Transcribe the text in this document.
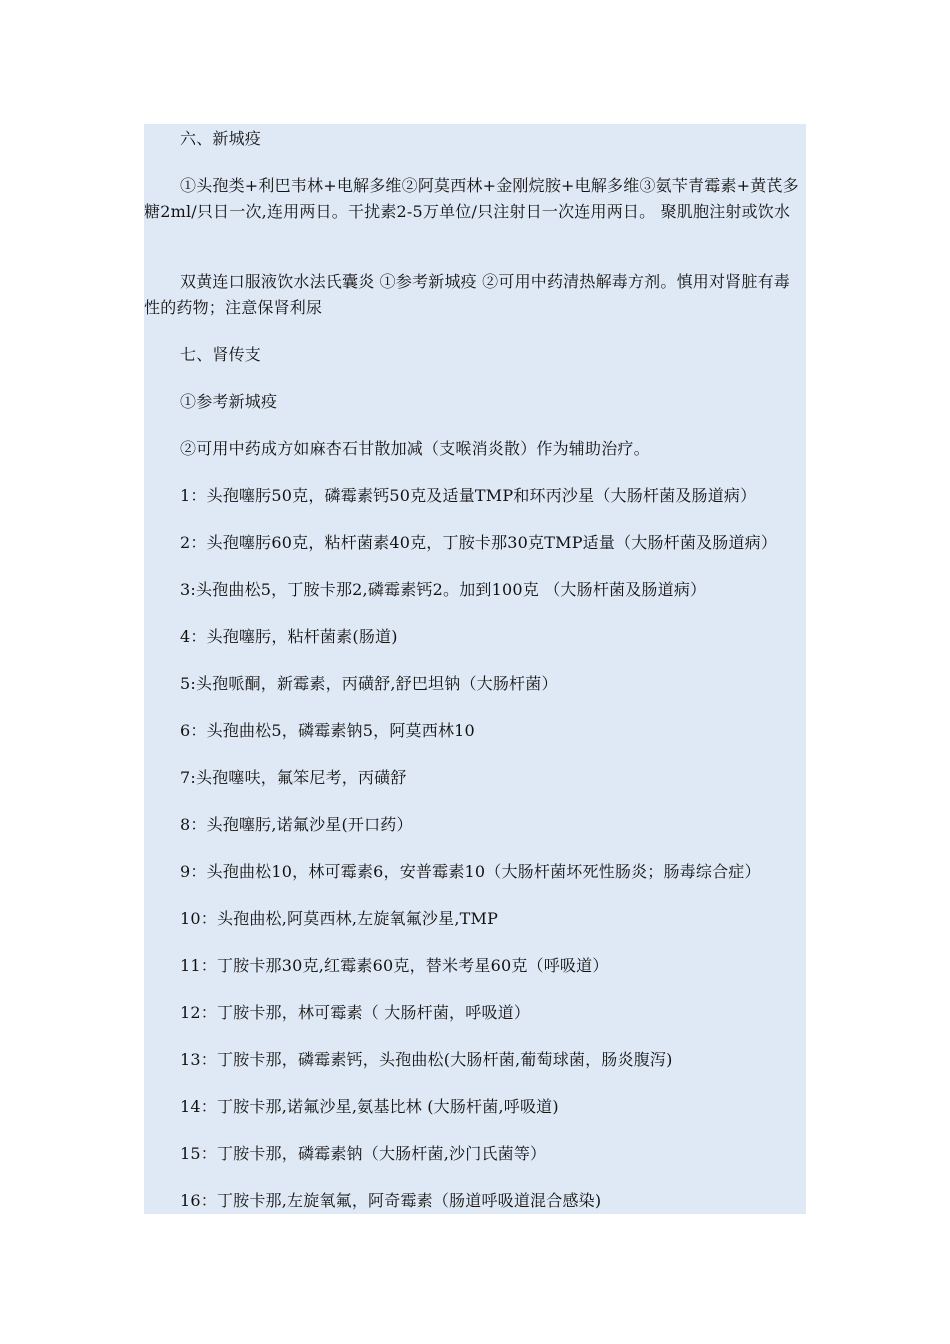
六、新城疫

①头孢类+利巴韦林+电解多维②阿莫西林+金刚烷胺+电解多维③氨苄青霉素+黄芪多糖2ml/只日一次,连用两日。干扰素2-5万单位/只注射日一次连用两日。 聚肌胞注射或饮水

双黄连口服液饮水法氏囊炎 ①参考新城疫 ②可用中药清热解毒方剂。慎用对肾脏有毒性的药物；注意保肾利尿

七、肾传支

①参考新城疫

②可用中药成方如麻杏石甘散加减（支喉消炎散）作为辅助治疗。

1：头孢噻肟50克，磷霉素钙50克及适量TMP和环丙沙星（大肠杆菌及肠道病）

2：头孢噻肟60克，粘杆菌素40克，丁胺卡那30克TMP适量（大肠杆菌及肠道病）

3:头孢曲松5，丁胺卡那2,磷霉素钙2。加到100克 （大肠杆菌及肠道病）

4：头孢噻肟，粘杆菌素(肠道)

5:头孢哌酮，新霉素，丙磺舒,舒巴坦钠（大肠杆菌）

6：头孢曲松5，磷霉素钠5，阿莫西林10

7:头孢噻呋，氟笨尼考，丙磺舒

8：头孢噻肟,诺氟沙星(开口药）

9：头孢曲松10，林可霉素6，安普霉素10（大肠杆菌坏死性肠炎；肠毒综合症）

10：头孢曲松,阿莫西林,左旋氧氟沙星,TMP

11：丁胺卡那30克,红霉素60克，替米考星60克（呼吸道）

12：丁胺卡那，林可霉素（ 大肠杆菌，呼吸道）

13：丁胺卡那，磷霉素钙，头孢曲松(大肠杆菌,葡萄球菌，肠炎腹泻)

14：丁胺卡那,诺氟沙星,氨基比林 (大肠杆菌,呼吸道)

15：丁胺卡那，磷霉素钠（大肠杆菌,沙门氏菌等）

16：丁胺卡那,左旋氧氟，阿奇霉素（肠道呼吸道混合感染)
